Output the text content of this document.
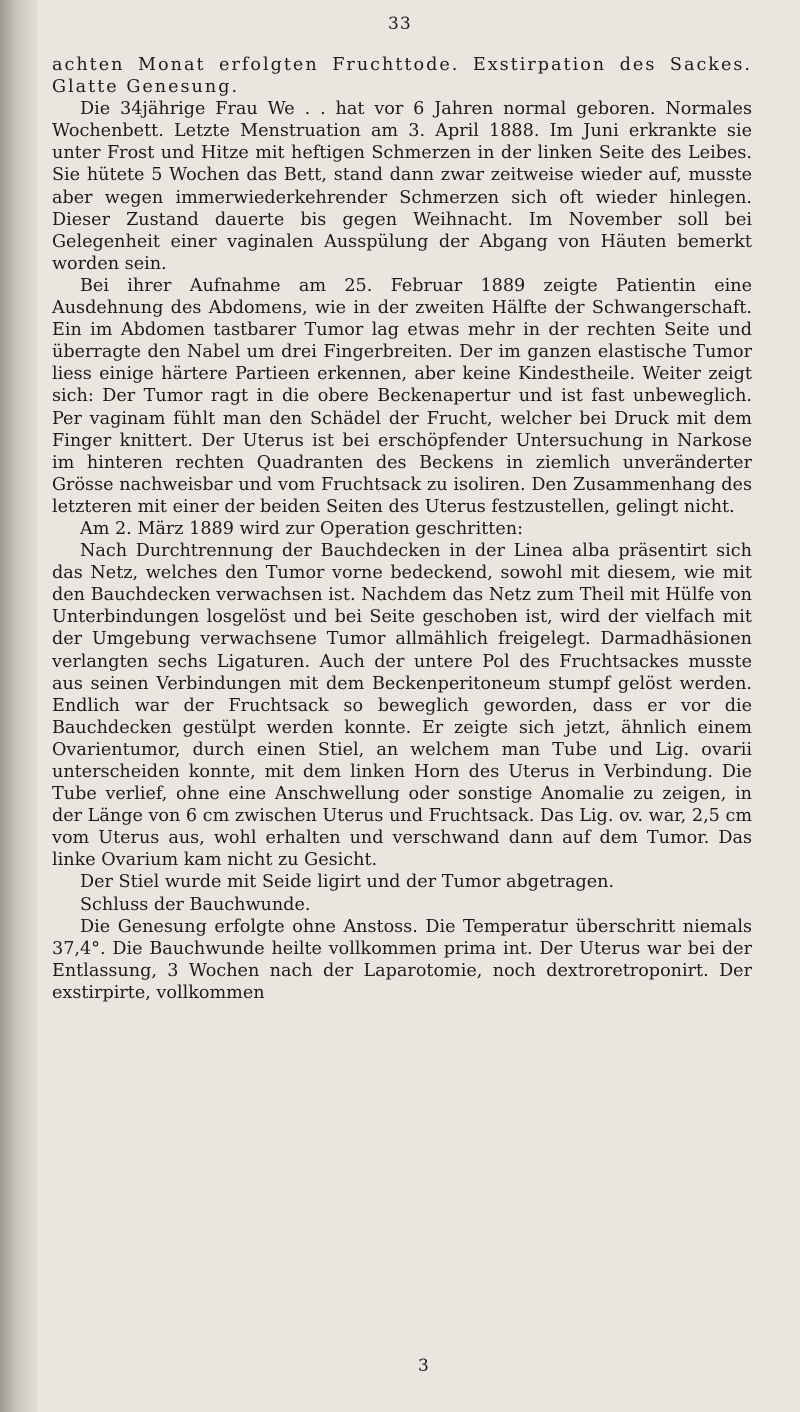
33

achten Monat erfolgten Fruchttode. Exstirpation des Sackes. Glatte Genesung.

Die 34jährige Frau We . . hat vor 6 Jahren normal geboren. Normales Wochenbett. Letzte Menstruation am 3. April 1888. Im Juni erkrankte sie unter Frost und Hitze mit heftigen Schmerzen in der linken Seite des Leibes. Sie hütete 5 Wochen das Bett, stand dann zwar zeitweise wieder auf, musste aber wegen immerwiederkehrender Schmerzen sich oft wieder hinlegen. Dieser Zustand dauerte bis gegen Weihnacht. Im November soll bei Gelegenheit einer vaginalen Ausspülung der Abgang von Häuten bemerkt worden sein.

Bei ihrer Aufnahme am 25. Februar 1889 zeigte Patientin eine Ausdehnung des Abdomens, wie in der zweiten Hälfte der Schwangerschaft. Ein im Abdomen tastbarer Tumor lag etwas mehr in der rechten Seite und überragte den Nabel um drei Fingerbreiten. Der im ganzen elastische Tumor liess einige härtere Partieen erkennen, aber keine Kindestheile. Weiter zeigt sich: Der Tumor ragt in die obere Beckenapertur und ist fast unbeweglich. Per vaginam fühlt man den Schädel der Frucht, welcher bei Druck mit dem Finger knittert. Der Uterus ist bei erschöpfender Untersuchung in Narkose im hinteren rechten Quadranten des Beckens in ziemlich unveränderter Grösse nachweisbar und vom Fruchtsack zu isoliren. Den Zusammenhang des letzteren mit einer der beiden Seiten des Uterus festzustellen, gelingt nicht.

Am 2. März 1889 wird zur Operation geschritten:

Nach Durchtrennung der Bauchdecken in der Linea alba präsentirt sich das Netz, welches den Tumor vorne bedeckend, sowohl mit diesem, wie mit den Bauchdecken verwachsen ist. Nachdem das Netz zum Theil mit Hülfe von Unterbindungen losgelöst und bei Seite geschoben ist, wird der vielfach mit der Umgebung verwachsene Tumor allmählich freigelegt. Darmadhäsionen verlangten sechs Ligaturen. Auch der untere Pol des Fruchtsackes musste aus seinen Verbindungen mit dem Beckenperitoneum stumpf gelöst werden. Endlich war der Fruchtsack so beweglich geworden, dass er vor die Bauchdecken gestülpt werden konnte. Er zeigte sich jetzt, ähnlich einem Ovarientumor, durch einen Stiel, an welchem man Tube und Lig. ovarii unterscheiden konnte, mit dem linken Horn des Uterus in Verbindung. Die Tube verlief, ohne eine Anschwellung oder sonstige Anomalie zu zeigen, in der Länge von 6 cm zwischen Uterus und Fruchtsack. Das Lig. ov. war, 2,5 cm vom Uterus aus, wohl erhalten und verschwand dann auf dem Tumor. Das linke Ovarium kam nicht zu Gesicht.

Der Stiel wurde mit Seide ligirt und der Tumor abgetragen.

Schluss der Bauchwunde.

Die Genesung erfolgte ohne Anstoss. Die Temperatur überschritt niemals 37,4°. Die Bauchwunde heilte vollkommen prima int. Der Uterus war bei der Entlassung, 3 Wochen nach der Laparotomie, noch dextroretroponirt. Der exstirpirte, vollkommen

3
